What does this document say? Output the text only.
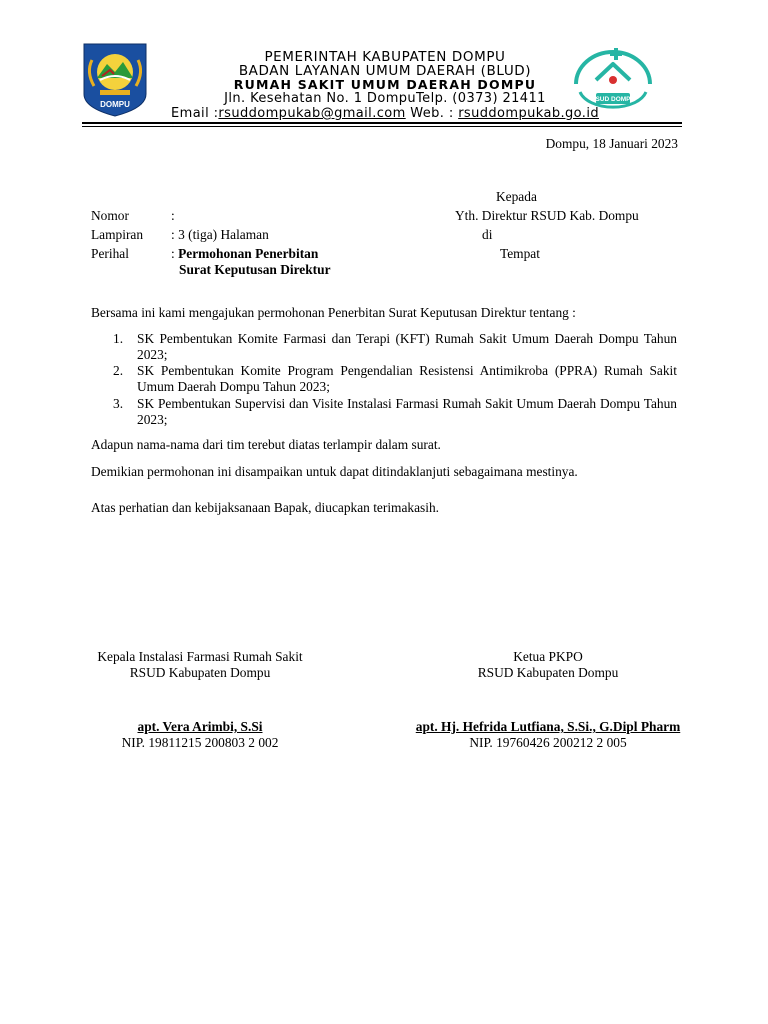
DOMPU
PEMERINTAH KABUPATEN DOMPU
BADAN LAYANAN UMUM DAERAH (BLUD)
RUMAH SAKIT UMUM DAERAH DOMPU
Jln. Kesehatan No. 1 DompuTelp. (0373) 21411
Email :rsuddompukab@gmail.com Web. : rsuddompukab.go.id
RSUD DOMPU
Dompu, 18 Januari 2023
Kepada
Yth. Direktur RSUD Kab. Dompu
di
Tempat
Nomor	:
Lampiran : 3 (tiga) Halaman
Perihal	: Permohonan Penerbitan
Surat Keputusan Direktur
Bersama ini kami mengajukan permohonan Penerbitan Surat Keputusan Direktur tentang :
1. SK Pembentukan Komite Farmasi dan Terapi (KFT) Rumah Sakit Umum Daerah Dompu Tahun 2023;
2. SK Pembentukan Komite Program Pengendalian Resistensi Antimikroba (PPRA) Rumah Sakit Umum Daerah Dompu Tahun 2023;
3. SK Pembentukan Supervisi dan Visite Instalasi Farmasi Rumah Sakit Umum Daerah Dompu Tahun 2023;
Adapun nama-nama dari tim terebut diatas terlampir dalam surat.
Demikian permohonan ini disampaikan untuk dapat ditindaklanjuti sebagaimana mestinya.
Atas perhatian dan kebijaksanaan Bapak, diucapkan terimakasih.
Kepala Instalasi Farmasi Rumah Sakit
RSUD Kabupaten Dompu
Ketua PKPO
RSUD Kabupaten Dompu
apt. Vera Arimbi, S.Si
NIP. 19811215 200803 2 002
apt. Hj. Hefrida Lutfiana, S.Si., G.Dipl Pharm
NIP. 19760426 200212 2 005
